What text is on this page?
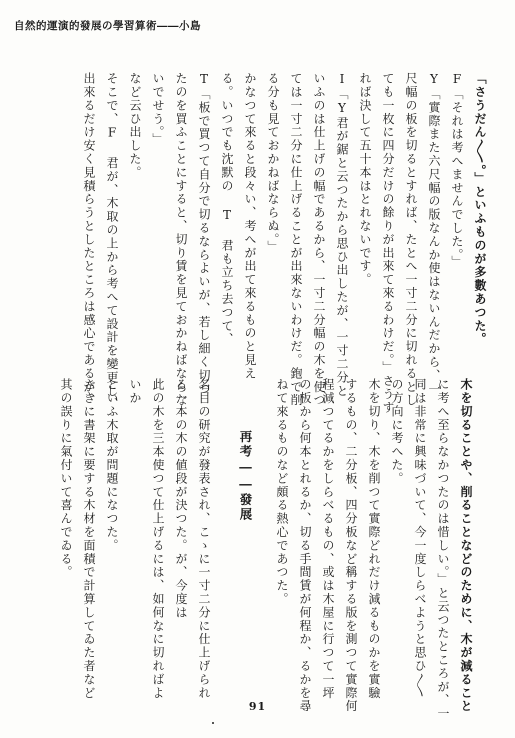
自然的運演的發展の學習算術――小島
「さうだん〳〵。」といふものが多數あつた。
F「それは考へませんでした。」
Y「實際また六尺幅の版なんか使はないんだから、一
尺幅の板を切るとすれば、たとへ一寸二分に切れるとし
ても一枚に四分だけの餘りが出來て來るわけだ。」さうす
れば決して五十本はとれないです。
I「Y君が鋸と云つたから思ひ出したが、一寸二分と
いふのは仕上げの幅であるから、一寸二分幅の木を使つ
ては一寸二分に仕上げることが出來ないわけだ。鉋で削
る分も見ておかねばならぬ。」
かなつて來ると段々い、考へが出て來るものと見え
る。いつでも沈默の T 君も立ち去つて、
T「板で買つて自分で切るならよいが、若し細く切つ
たのを買ふことにすると、切り賃を見ておかねばならな
いでせう。」
など云ひ出した。
そこで、F 君が、木取の上から考へて設計を變更し、
出來るだけ安く見積らうとしたところは感心であるが、
木を切ることや、削ることなどのために、木が減ること
に考へ至らなかつたのは惜しい。」と云つたところが、一
同は非常に興味づいて、今一度しらべようと思ひ〳〵
の方向に考へた。
木を切り、木を削つて實際どれだけ減るものかを實驗
するもの、二分板、四分板など稱する版を測つて實際何
程減つてるかをしらべるもの、或は木屋に行つて一坪
の板から何本とれるか、切る手間賃が何程か、るかを尋
ねて來るものなど頗る熱心であつた。
再考――發展
名目の研究が發表され、こゝに一寸二分に仕上げられ
る一本の木の値段が決つた。が、今度は
此の木を三本使つて仕上げるには、如何なに切ればよ
いか
といふ木取が問題になつた。
さきに書架に要する木材を面積で計算してゐた者など
其の誤りに氣付いて喜んでゐる。
91
